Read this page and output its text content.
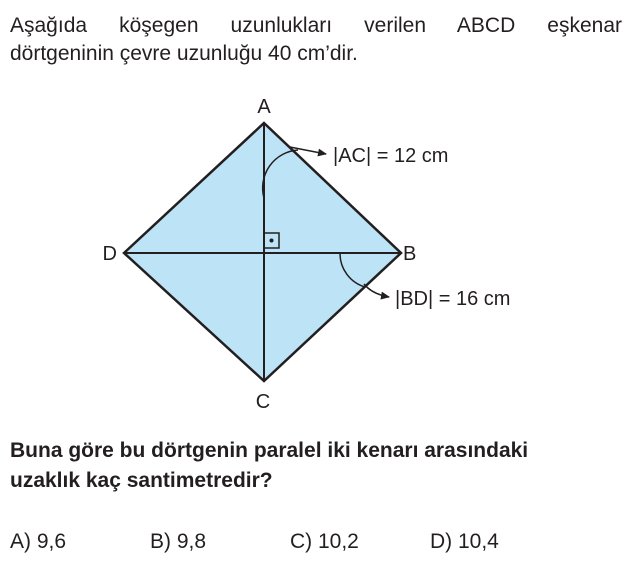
Aşağıda köşegen uzunlukları verilen ABCD eşkenar
dörtgeninin çevre uzunluğu 40 cm’dir.

A
B
C
D
|AC| = 12 cm
|BD| = 16 cm

Buna göre bu dörtgenin paralel iki kenarı arasındaki
uzaklık kaç santimetredir?

A) 9,6	B) 9,8	C) 10,2	D) 10,4
